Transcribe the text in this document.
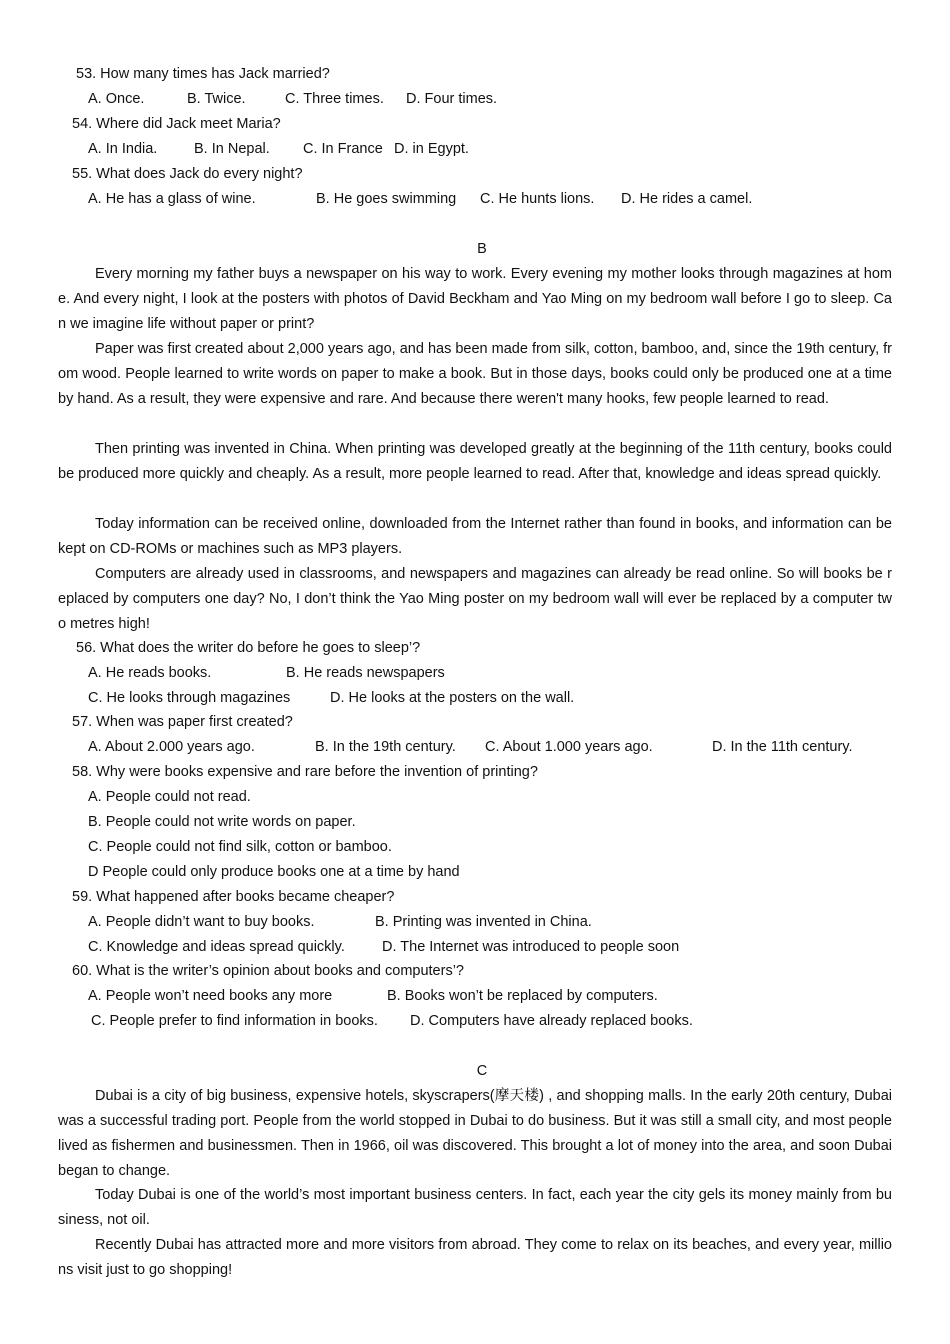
53. How many times has Jack married?
A. Once.	B. Twice.	C. Three times. D. Four times.
54. Where did Jack meet Maria?
A. In India.	B. In Nepal. C. In France D. in Egypt.
55. What does Jack do every night?
A. He has a glass of wine.	B. He goes swimming C. He hunts lions. D. He rides a camel.
B
Every morning my father buys a newspaper on his way to work. Every evening my mother looks through magazines at home. And every night, I look at the posters with photos of David Beckham and Yao Ming on my bedroom wall before I go to sleep. Can we imagine life without paper or print?
Paper was first created about 2,000 years ago, and has been made from silk, cotton, bamboo, and, since the 19th century, from wood. People learned to write words on paper to make a book. But in those days, books could only be produced one at a time by hand. As a result, they were expensive and rare. And because there weren't many hooks, few people learned to read.
Then printing was invented in China. When printing was developed greatly at the beginning of the 11th century, books could be produced more quickly and cheaply. As a result, more people learned to read. After that, knowledge and ideas spread quickly.
Today information can be received online, downloaded from the Internet rather than found in books, and information can be kept on CD-ROMs or machines such as MP3 players.
Computers are already used in classrooms, and newspapers and magazines can already be read online. So will books be replaced by computers one day? No, I don’t think the Yao Ming poster on my bedroom wall will ever be replaced by a computer two metres high!
56. What does the writer do before he goes to sleep’?
A. He reads books.	B. He reads newspapers
C. He looks through magazines	D. He looks at the posters on the wall.
57. When was paper first created?
A. About 2.000 years ago.	B. In the 19th century. C. About 1.000 years ago.	D. In the 11th century.
58. Why were books expensive and rare before the invention of printing?
A. People could not read.
B. People could not write words on paper.
C. People could not find silk, cotton or bamboo.
D People could only produce books one at a time by hand
59. What happened after books became cheaper?
A. People didn’t want to buy books.	B. Printing was invented in China.
C. Knowledge and ideas spread quickly.	D. The Internet was introduced to people soon
60. What is the writer’s opinion about books and computers’?
A. People won’t need books any more	B. Books won’t be replaced by computers.
C. People prefer to find information in books. D. Computers have already replaced books.
C
Dubai is a city of big business, expensive hotels, skyscrapers(摩天楼) , and shopping malls. In the early 20th century, Dubai was a successful trading port. People from the world stopped in Dubai to do business. But it was still a small city, and most people lived as fishermen and businessmen. Then in 1966, oil was discovered. This brought a lot of money into the area, and soon Dubai began to change.
Today Dubai is one of the world’s most important business centers. In fact, each year the city gels its money mainly from business, not oil.
Recently Dubai has attracted more and more visitors from abroad. They come to relax on its beaches, and every year, millions visit just to go shopping!
